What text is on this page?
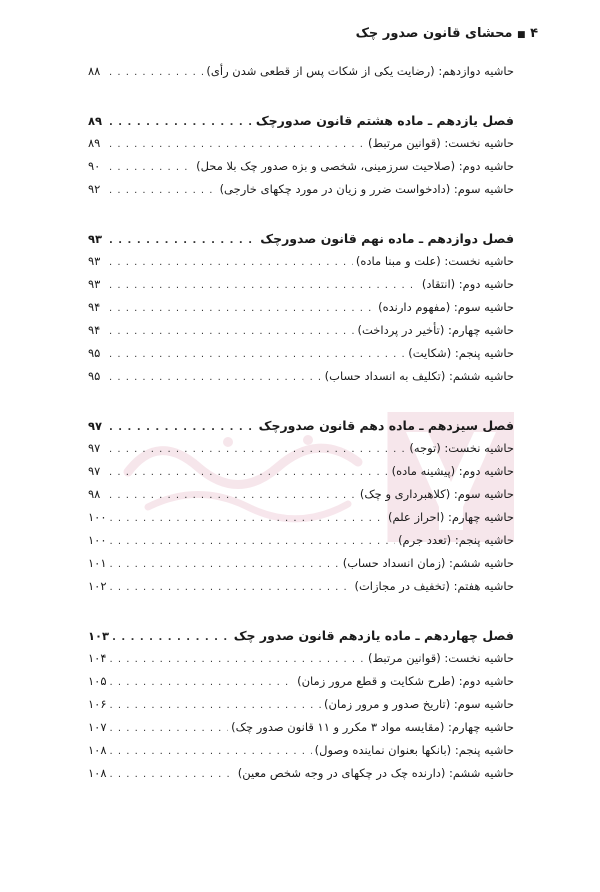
۴ ■ محشای قانون صدور چک
حاشیه دوازدهم: (رضایت یکی از شکات پس از قطعی شدن رأی)
. . .
۸۸
فصل یازدهم ـ ماده هشتم قانون صدورچک
. . .
۸۹
حاشیه نخست: (قوانین مرتبط)
. . .
۸۹
حاشیه دوم: (صلاحیت سرزمینی، شخصی و بزه صدور چک بلا محل)
. . .
۹۰
حاشیه سوم: (دادخواست ضرر و زیان در مورد چکهای خارجی)
. . .
۹۲
فصل دوازدهم ـ ماده نهم قانون صدورچک
. . .
۹۳
حاشیه نخست: (علت و مبنا ماده)
. . .
۹۳
حاشیه دوم: (انتقاد)
. . .
۹۳
حاشیه سوم: (مفهوم دارنده)
. . .
۹۴
حاشیه چهارم: (تأخیر در پرداخت)
. . .
۹۴
حاشیه پنجم: (شکایت)
. . .
۹۵
حاشیه ششم: (تکلیف به انسداد حساب)
. . .
۹۵
فصل سیزدهم ـ ماده دهم قانون صدورچک
. . .
۹۷
حاشیه نخست: (توجه)
. . .
۹۷
حاشیه دوم: (پیشینه ماده)
. . .
۹۷
حاشیه سوم: (کلاهبرداری و چک)
. . .
۹۸
حاشیه چهارم: (احراز علم)
. . .
۱۰۰
حاشیه پنجم: (تعدد جرم)
. . .
۱۰۰
حاشیه ششم: (زمان انسداد حساب)
. . .
۱۰۱
حاشیه هفتم: (تخفیف در مجازات)
. . .
۱۰۲
فصل چهاردهم ـ ماده یازدهم قانون صدور چک
. . .
۱۰۳
حاشیه نخست: (قوانین مرتبط)
. . .
۱۰۴
حاشیه دوم: (طرح شکایت و قطع مرور زمان)
. . .
۱۰۵
حاشیه سوم: (تاریخ صدور و مرور زمان)
. . .
۱۰۶
حاشیه چهارم: (مقایسه مواد ۳ مکرر و ۱۱ قانون صدور چک)
. . .
۱۰۷
حاشیه پنجم: (بانکها بعنوان نماینده وصول)
. . .
۱۰۸
حاشیه ششم: (دارنده چک در چکهای در وجه شخص معین)
. . .
۱۰۸
